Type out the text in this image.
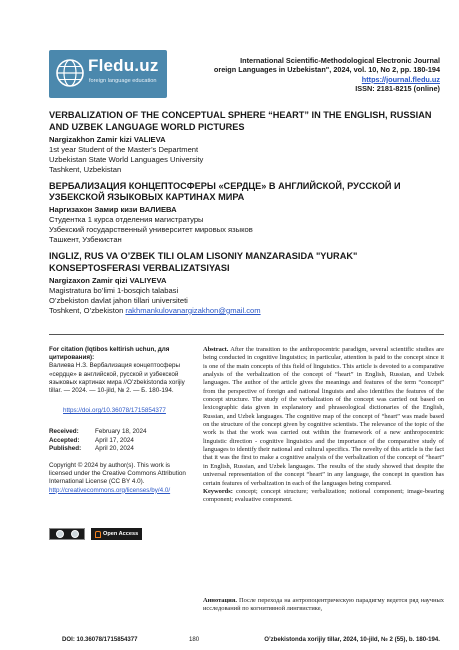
Fledu.uz
foreign language education
International Scientific-Methodological Electronic Journal
oreign Languages in Uzbekistan", 2024, vol. 10, No 2, pp. 180-194
https://journal.fledu.uz
ISSN: 2181-8215 (online)
VERBALIZATION OF THE CONCEPTUAL SPHERE “HEART” IN THE ENGLISH, RUSSIAN AND UZBEK LANGUAGE WORLD PICTURES
Nargizakhon Zamir kizi VALIEVA
1st year Student of the Master’s Department
Uzbekistan State World Languages University
Tashkent, Uzbekistan
ВЕРБАЛИЗАЦИЯ КОНЦЕПТОСФЕРЫ «СЕРДЦЕ» В АНГЛИЙСКОЙ, РУССКОЙ И УЗБЕКСКОЙ ЯЗЫКОВЫХ КАРТИНАХ МИРА
Наргизахон Замир кизи ВАЛИЕВА
Студентка 1 курса отделения магистратуры
Узбекский государственный университет мировых языков
Ташкент, Узбекистан
INGLIZ, RUS VA O’ZBEK TILI OLAM LISONIY MANZARASIDA "YURAK" KONSEPTOSFERASI VERBALIZATSIYASI
Nargizaxon Zamir qizi VALIYEVA
Magistratura bo’limi 1-bosqich talabasi
O’zbekiston davlat jahon tillari universiteti
Toshkent, O’zbekiston rakhmankulovanargizakhon@gmail.com
For citation (Iqtibos keltirish uchun, для цитирования):
Валиева Н.З. Вербализация концептосферы «сердце» в английской, русской и узбекской языковых картинах мира //O’zbekistonda xorijiy tillar. — 2024. — 10-jild, № 2. — Б. 180-194.
https://doi.org/10.36078/1715854377
Received:	February 18, 2024
Accepted:	April 17, 2024
Published:	April 20, 2024
Copyright © 2024 by author(s). This work is licensed under the Creative Commons Attribution International License (CC BY 4.0). http://creativecommons.org/licenses/by/4.0/
Open Access
Abstract. After the transition to the anthropocentric paradigm, several scientific studies are being conducted in cognitive linguistics; in particular, attention is paid to the concept since it is one of the main concepts of this field of linguistics. This article is devoted to a comparative analysis of the verbalization of the concept of “heart” in English, Russian, and Uzbek languages. The author of the article gives the meanings and features of the term “concept” from the perspective of foreign and national linguists and also identifies the features of the concept structure. The study of the verbalization of the concept was carried out based on lexicographic data given in explanatory and phraseological dictionaries of the English, Russian, and Uzbek languages. The cognitive map of the concept of “heart” was made based on the structure of the concept given by cognitive scientists. The relevance of the topic of the work is that the work was carried out within the framework of a new anthropocentric linguistic direction - cognitive linguistics and the importance of the comparative study of languages to identify their national and cultural specifics. The novelty of this article is the fact that it was the first to make a cognitive analysis of the verbalization of the concept of “heart” in English, Russian, and Uzbek languages. The results of the study showed that despite the universal representation of the concept “heart” in any language, the concept in question has certain features of verbalization in each of the languages being compared.
Keywords: concept; concept structure; verbalization; notional component; image-bearing component; evaluative component.
Аннотация. После перехода на антропоцентрическую парадигму ведется ряд научных исследований по когнитивной лингвистике,
DOI: 10.36078/1715854377	180	O’zbekistonda xorijiy tillar, 2024, 10-jild, № 2 (55), b. 180-194.
